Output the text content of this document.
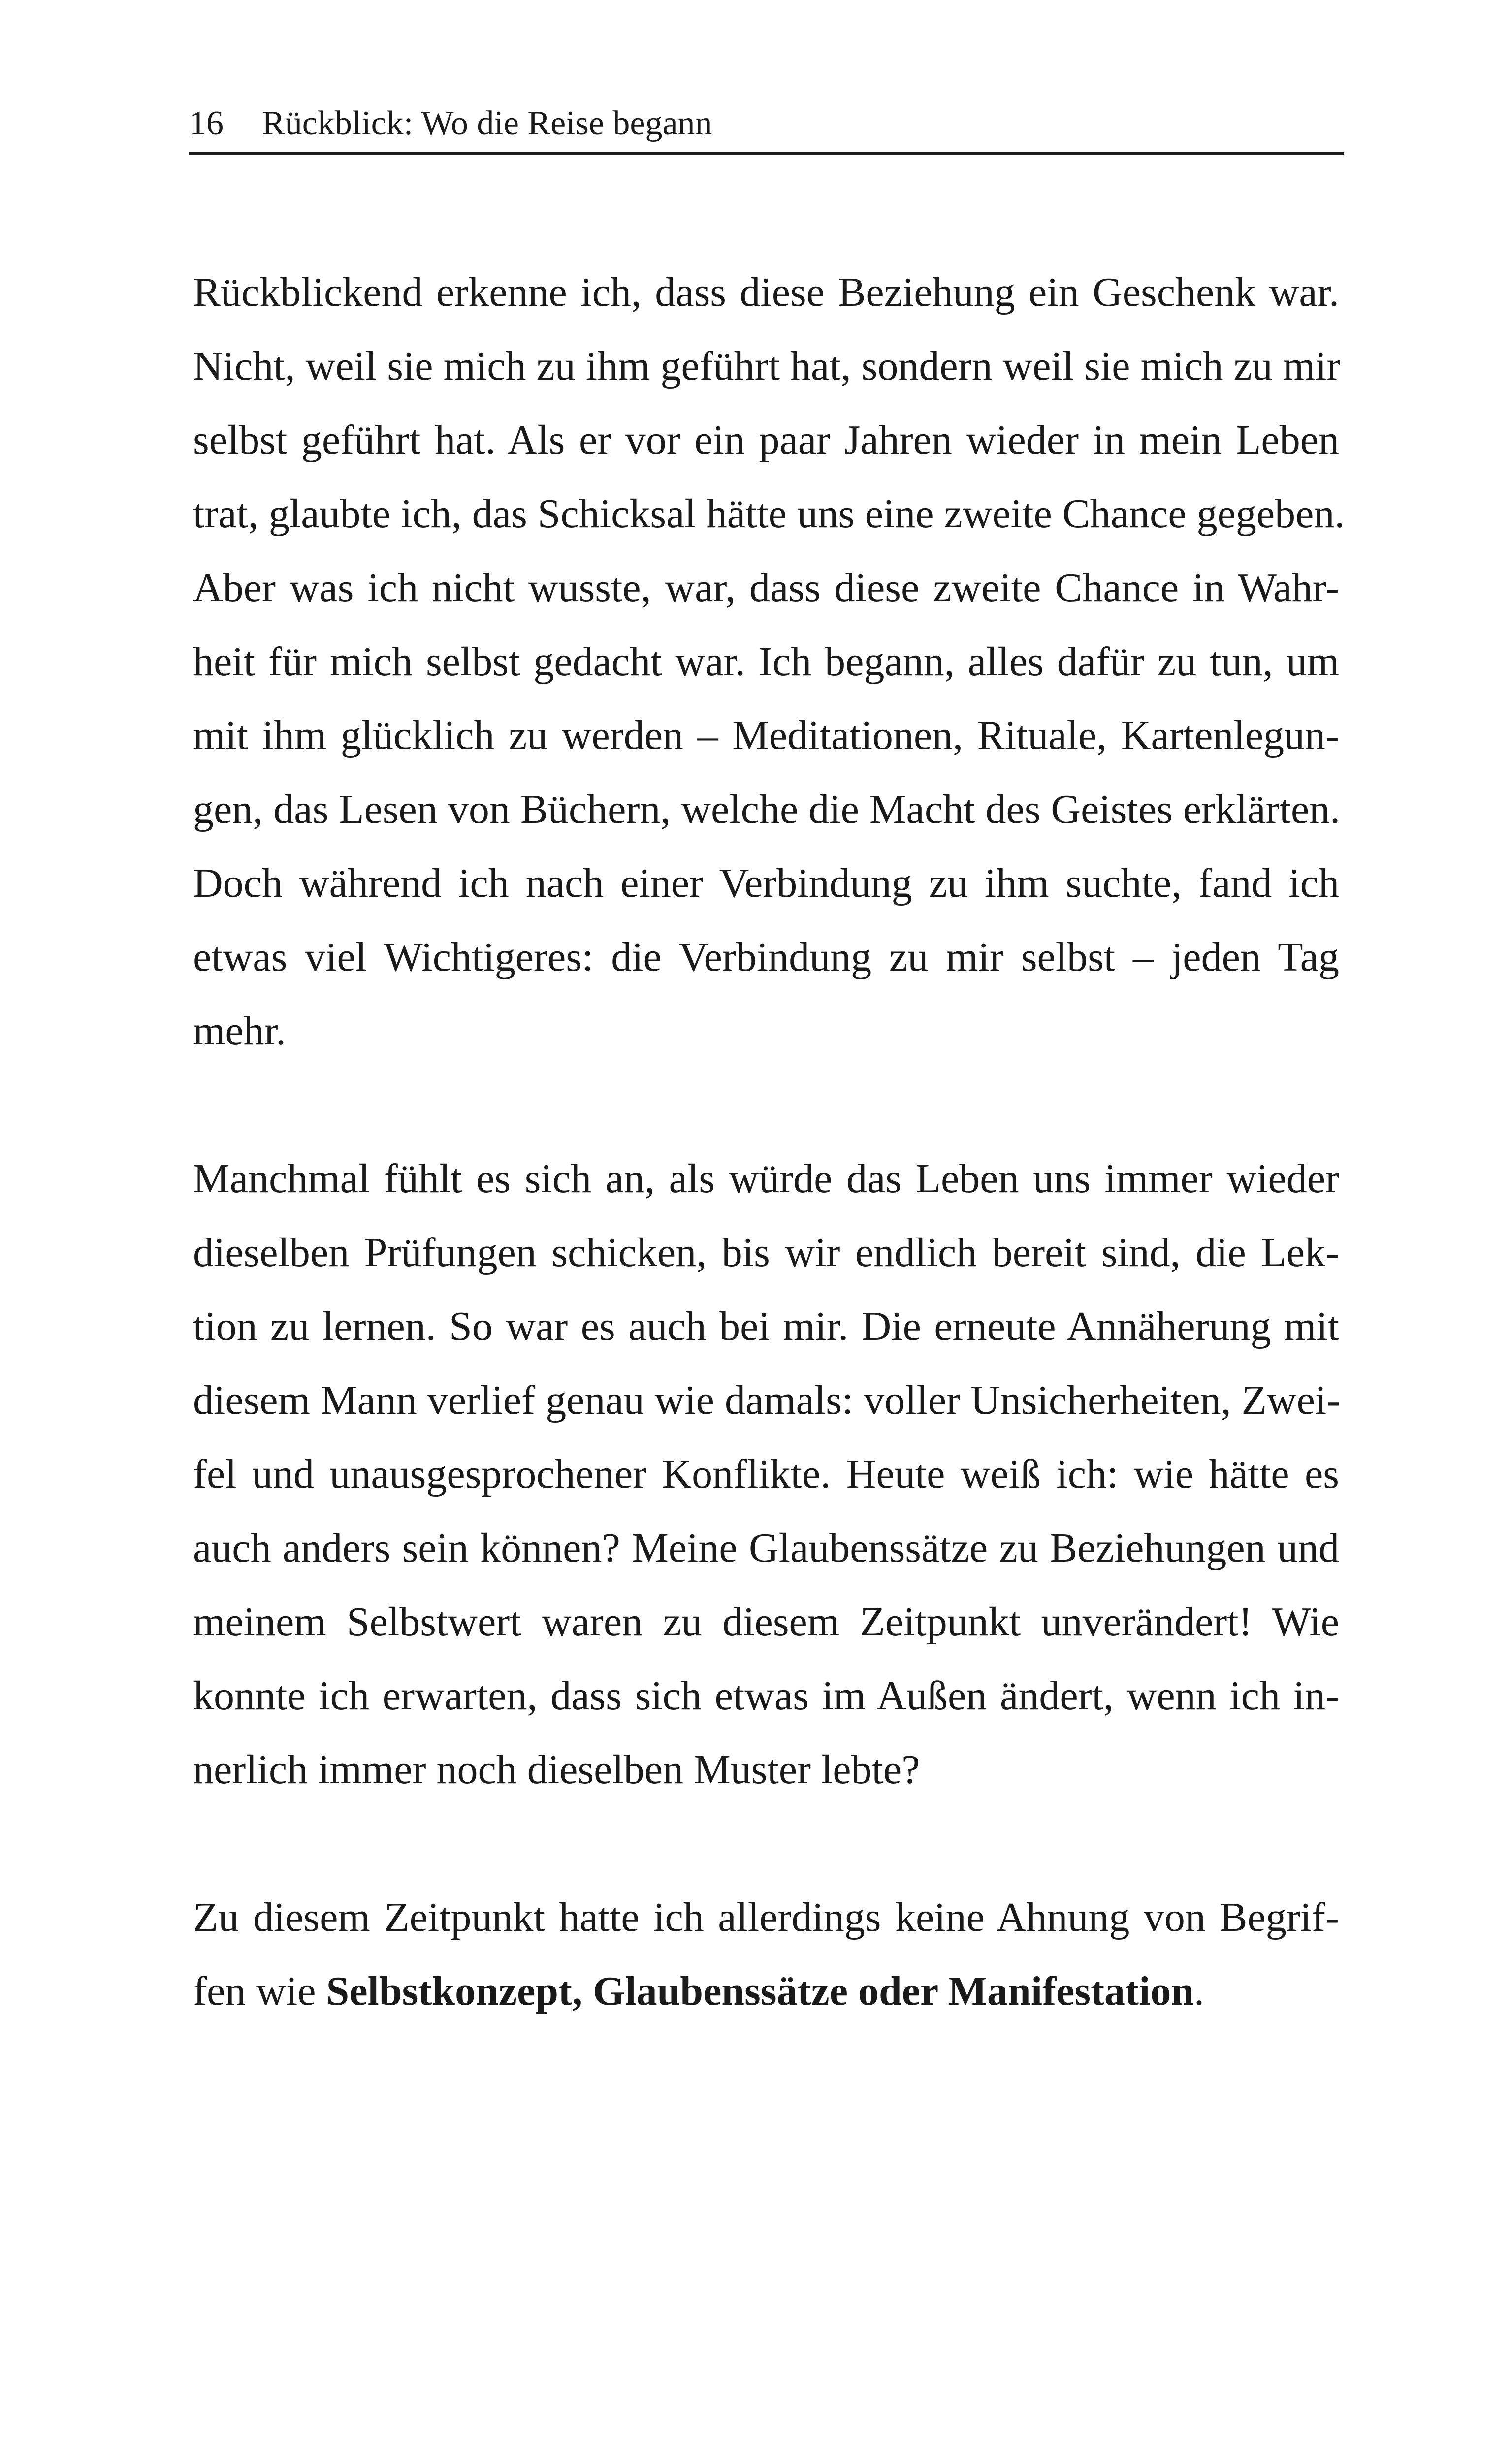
16 Rückblick: Wo die Reise begann

Rückblickend erkenne ich, dass diese Beziehung ein Geschenk war.
Nicht, weil sie mich zu ihm geführt hat, sondern weil sie mich zu mir
selbst geführt hat. Als er vor ein paar Jahren wieder in mein Leben
trat, glaubte ich, das Schicksal hätte uns eine zweite Chance gegeben.
Aber was ich nicht wusste, war, dass diese zweite Chance in Wahr-
heit für mich selbst gedacht war. Ich begann, alles dafür zu tun, um
mit ihm glücklich zu werden – Meditationen, Rituale, Kartenlegun-
gen, das Lesen von Büchern, welche die Macht des Geistes erklärten.
Doch während ich nach einer Verbindung zu ihm suchte, fand ich
etwas viel Wichtigeres: die Verbindung zu mir selbst – jeden Tag
mehr.

Manchmal fühlt es sich an, als würde das Leben uns immer wieder
dieselben Prüfungen schicken, bis wir endlich bereit sind, die Lek-
tion zu lernen. So war es auch bei mir. Die erneute Annäherung mit
diesem Mann verlief genau wie damals: voller Unsicherheiten, Zwei-
fel und unausgesprochener Konflikte. Heute weiß ich: wie hätte es
auch anders sein können? Meine Glaubenssätze zu Beziehungen und
meinem Selbstwert waren zu diesem Zeitpunkt unverändert! Wie
konnte ich erwarten, dass sich etwas im Außen ändert, wenn ich in-
nerlich immer noch dieselben Muster lebte?

Zu diesem Zeitpunkt hatte ich allerdings keine Ahnung von Begrif-
fen wie Selbstkonzept, Glaubenssätze oder Manifestation.
